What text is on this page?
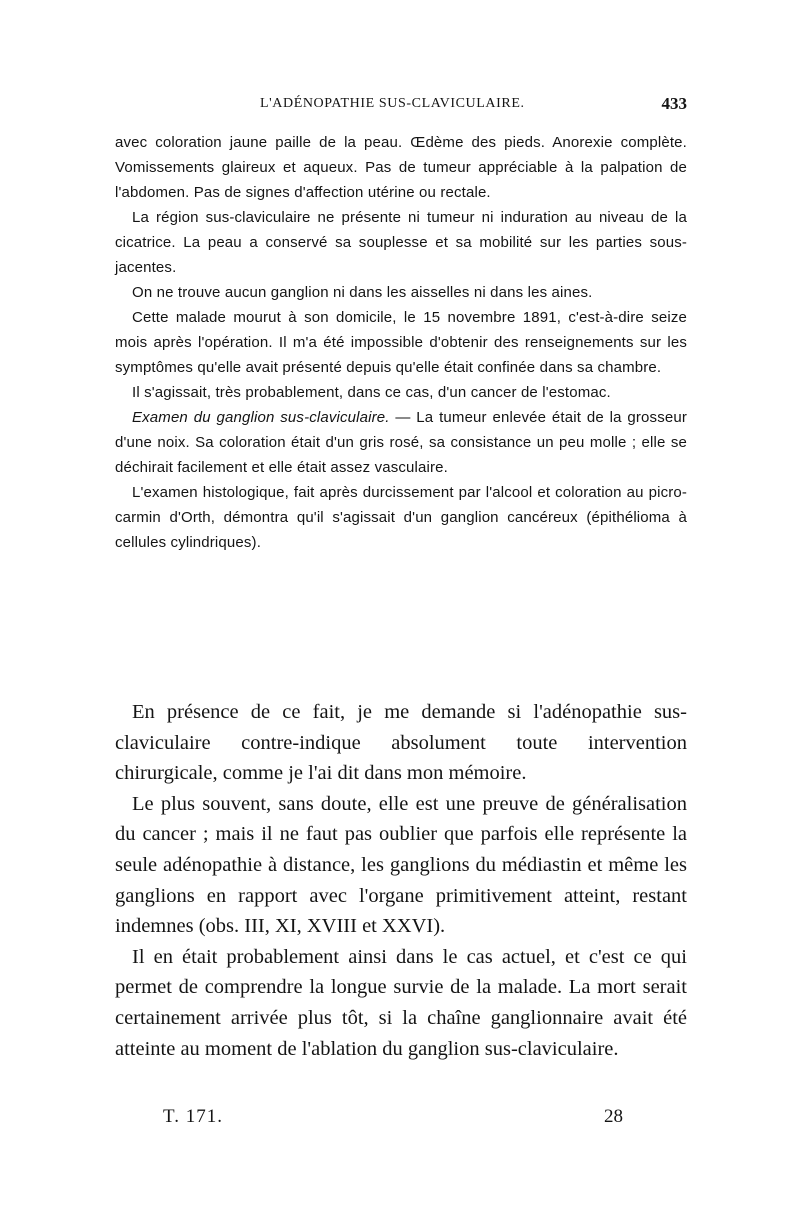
L'ADÉNOPATHIE SUS-CLAVICULAIRE.	433

avec coloration jaune paille de la peau. Œdème des pieds. Anorexie complète. Vomissements glaireux et aqueux. Pas de tumeur appréciable à la palpation de l'abdomen. Pas de signes d'affection utérine ou rectale.

La région sus-claviculaire ne présente ni tumeur ni induration au niveau de la cicatrice. La peau a conservé sa souplesse et sa mobilité sur les parties sous-jacentes.

On ne trouve aucun ganglion ni dans les aisselles ni dans les aines.

Cette malade mourut à son domicile, le 15 novembre 1891, c'est-à-dire seize mois après l'opération. Il m'a été impossible d'obtenir des renseignements sur les symptômes qu'elle avait présenté depuis qu'elle était confinée dans sa chambre.

Il s'agissait, très probablement, dans ce cas, d'un cancer de l'estomac.

Examen du ganglion sus-claviculaire. — La tumeur enlevée était de la grosseur d'une noix. Sa coloration était d'un gris rosé, sa consistance un peu molle ; elle se déchirait facilement et elle était assez vasculaire.

L'examen histologique, fait après durcissement par l'alcool et coloration au picro-carmin d'Orth, démontra qu'il s'agissait d'un ganglion cancéreux (épithélioma à cellules cylindriques).

En présence de ce fait, je me demande si l'adénopathie sus-claviculaire contre-indique absolument toute intervention chirurgicale, comme je l'ai dit dans mon mémoire.

Le plus souvent, sans doute, elle est une preuve de généralisation du cancer ; mais il ne faut pas oublier que parfois elle représente la seule adénopathie à distance, les ganglions du médiastin et même les ganglions en rapport avec l'organe primitivement atteint, restant indemnes (obs. III, XI, XVIII et XXVI).

Il en était probablement ainsi dans le cas actuel, et c'est ce qui permet de comprendre la longue survie de la malade. La mort serait certainement arrivée plus tôt, si la chaîne ganglionnaire avait été atteinte au moment de l'ablation du ganglion sus-claviculaire.

T. 171.	28
